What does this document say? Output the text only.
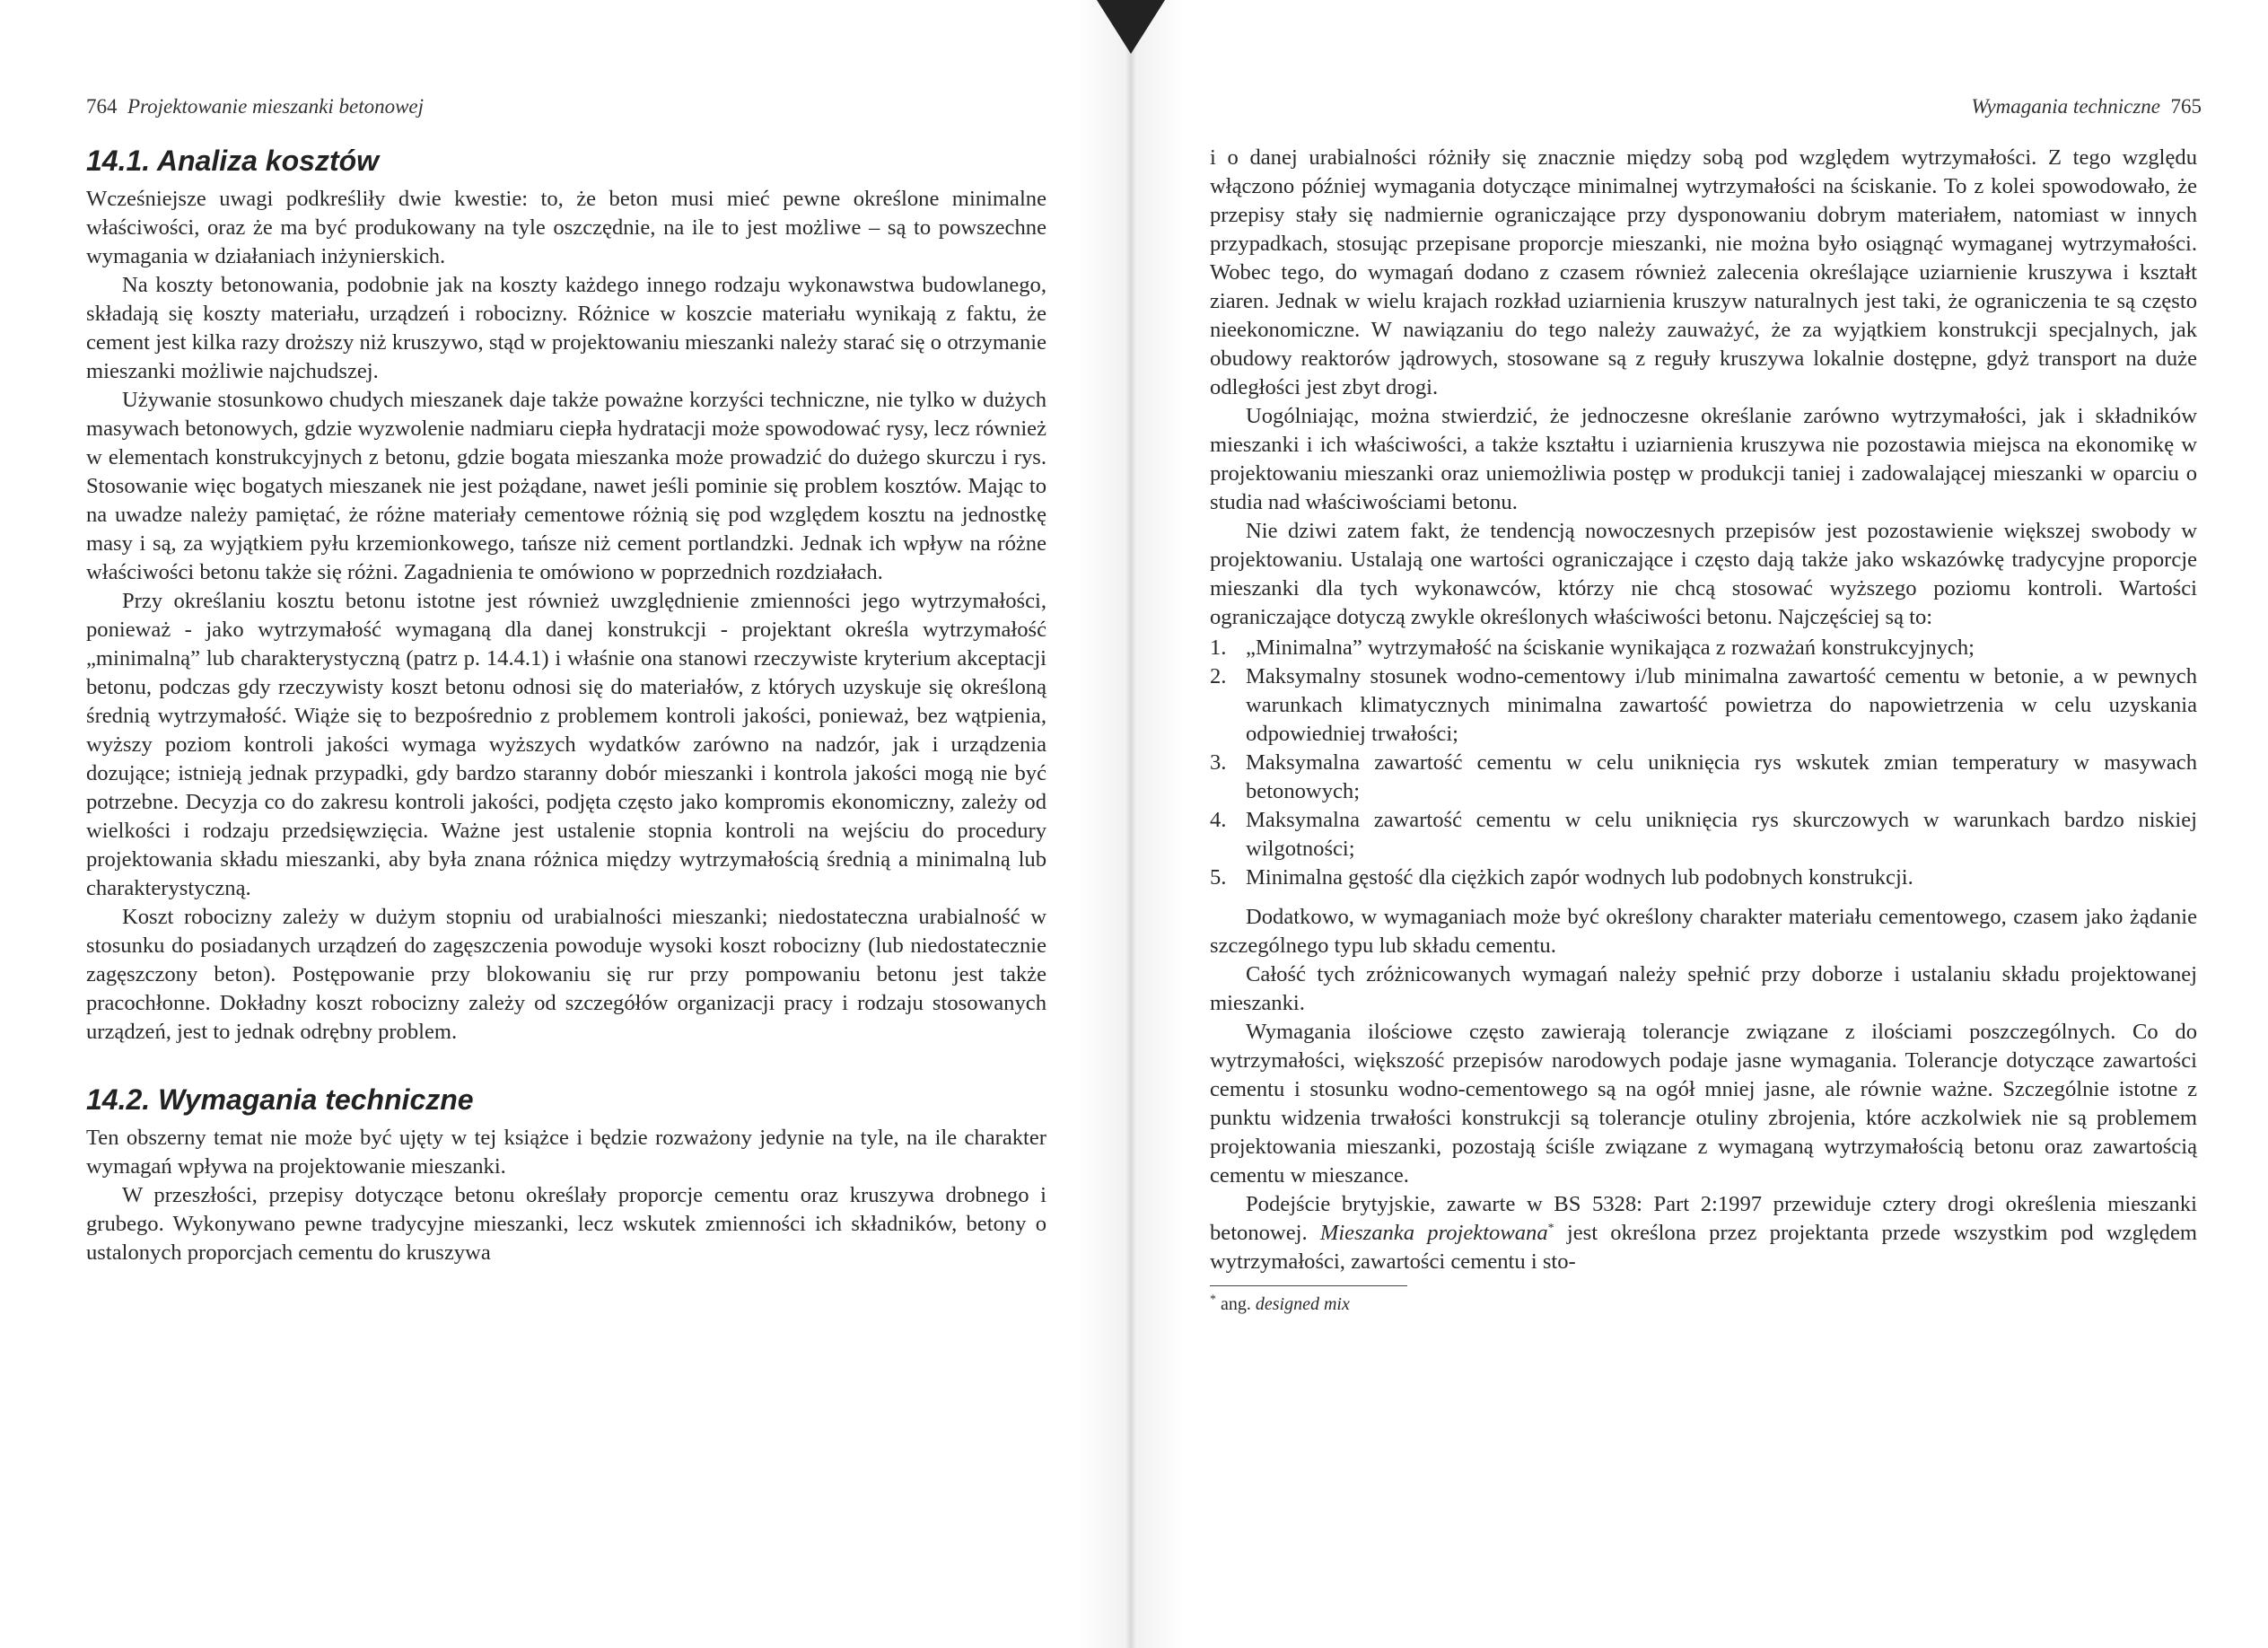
764 Projektowanie mieszanki betonowej
14.1. Analiza kosztów

Wcześniejsze uwagi podkreśliły dwie kwestie: to, że beton musi mieć pewne określone minimalne właściwości, oraz że ma być produkowany na tyle oszczędnie, na ile to jest możliwe – są to powszechne wymagania w działaniach inżynierskich.

Na koszty betonowania, podobnie jak na koszty każdego innego rodzaju wykonawstwa budowlanego, składają się koszty materiału, urządzeń i robocizny. Różnice w koszcie materiału wynikają z faktu, że cement jest kilka razy droższy niż kruszywo, stąd w projektowaniu mieszanki należy starać się o otrzymanie mieszanki możliwie najchudszej.

Używanie stosunkowo chudych mieszanek daje także poważne korzyści techniczne, nie tylko w dużych masywach betonowych, gdzie wyzwolenie nadmiaru ciepła hydratacji może spowodować rysy, lecz również w elementach konstrukcyjnych z betonu, gdzie bogata mieszanka może prowadzić do dużego skurczu i rys. Stosowanie więc bogatych mieszanek nie jest pożądane, nawet jeśli pominie się problem kosztów. Mając to na uwadze należy pamiętać, że różne materiały cementowe różnią się pod względem kosztu na jednostkę masy i są, za wyjątkiem pyłu krzemionkowego, tańsze niż cement portlandzki. Jednak ich wpływ na różne właściwości betonu także się różni. Zagadnienia te omówiono w poprzednich rozdziałach.

Przy określaniu kosztu betonu istotne jest również uwzględnienie zmienności jego wytrzymałości, ponieważ - jako wytrzymałość wymaganą dla danej konstrukcji - projektant określa wytrzymałość „minimalną” lub charakterystyczną (patrz p. 14.4.1) i właśnie ona stanowi rzeczywiste kryterium akceptacji betonu, podczas gdy rzeczywisty koszt betonu odnosi się do materiałów, z których uzyskuje się określoną średnią wytrzymałość. Wiąże się to bezpośrednio z problemem kontroli jakości, ponieważ, bez wątpienia, wyższy poziom kontroli jakości wymaga wyższych wydatków zarówno na nadzór, jak i urządzenia dozujące; istnieją jednak przypadki, gdy bardzo staranny dobór mieszanki i kontrola jakości mogą nie być potrzebne. Decyzja co do zakresu kontroli jakości, podjęta często jako kompromis ekonomiczny, zależy od wielkości i rodzaju przedsięwzięcia. Ważne jest ustalenie stopnia kontroli na wejściu do procedury projektowania składu mieszanki, aby była znana różnica między wytrzymałością średnią a minimalną lub charakterystyczną.

Koszt robocizny zależy w dużym stopniu od urabialności mieszanki; niedostateczna urabialność w stosunku do posiadanych urządzeń do zagęszczenia powoduje wysoki koszt robocizny (lub niedostatecznie zagęszczony beton). Postępowanie przy blokowaniu się rur przy pompowaniu betonu jest także pracochłonne. Dokładny koszt robocizny zależy od szczegółów organizacji pracy i rodzaju stosowanych urządzeń, jest to jednak odrębny problem.

14.2. Wymagania techniczne

Ten obszerny temat nie może być ujęty w tej książce i będzie rozważony jedynie na tyle, na ile charakter wymagań wpływa na projektowanie mieszanki.

W przeszłości, przepisy dotyczące betonu określały proporcje cementu oraz kruszywa drobnego i grubego. Wykonywano pewne tradycyjne mieszanki, lecz wskutek zmienności ich składników, betony o ustalonych proporcjach cementu do kruszywa

Wymagania techniczne 765

i o danej urabialności różniły się znacznie między sobą pod względem wytrzymałości. Z tego względu włączono później wymagania dotyczące minimalnej wytrzymałości na ściskanie. To z kolei spowodowało, że przepisy stały się nadmiernie ograniczające przy dysponowaniu dobrym materiałem, natomiast w innych przypadkach, stosując przepisane proporcje mieszanki, nie można było osiągnąć wymaganej wytrzymałości. Wobec tego, do wymagań dodano z czasem również zalecenia określające uziarnienie kruszywa i kształt ziaren. Jednak w wielu krajach rozkład uziarnienia kruszyw naturalnych jest taki, że ograniczenia te są często nieekonomiczne. W nawiązaniu do tego należy zauważyć, że za wyjątkiem konstrukcji specjalnych, jak obudowy reaktorów jądrowych, stosowane są z reguły kruszywa lokalnie dostępne, gdyż transport na duże odległości jest zbyt drogi.

Uogólniając, można stwierdzić, że jednoczesne określanie zarówno wytrzymałości, jak i składników mieszanki i ich właściwości, a także kształtu i uziarnienia kruszywa nie pozostawia miejsca na ekonomikę w projektowaniu mieszanki oraz uniemożliwia postęp w produkcji taniej i zadowalającej mieszanki w oparciu o studia nad właściwościami betonu.

Nie dziwi zatem fakt, że tendencją nowoczesnych przepisów jest pozostawienie większej swobody w projektowaniu. Ustalają one wartości ograniczające i często dają także jako wskazówkę tradycyjne proporcje mieszanki dla tych wykonawców, którzy nie chcą stosować wyższego poziomu kontroli. Wartości ograniczające dotyczą zwykle określonych właściwości betonu. Najczęściej są to:

1. „Minimalna” wytrzymałość na ściskanie wynikająca z rozważań konstrukcyjnych;
2. Maksymalny stosunek wodno-cementowy i/lub minimalna zawartość cementu w betonie, a w pewnych warunkach klimatycznych minimalna zawartość powietrza do napowietrzenia w celu uzyskania odpowiedniej trwałości;
3. Maksymalna zawartość cementu w celu uniknięcia rys wskutek zmian temperatury w masywach betonowych;
4. Maksymalna zawartość cementu w celu uniknięcia rys skurczowych w warunkach bardzo niskiej wilgotności;
5. Minimalna gęstość dla ciężkich zapór wodnych lub podobnych konstrukcji.

Dodatkowo, w wymaganiach może być określony charakter materiału cementowego, czasem jako żądanie szczególnego typu lub składu cementu.

Całość tych zróżnicowanych wymagań należy spełnić przy doborze i ustalaniu składu projektowanej mieszanki.

Wymagania ilościowe często zawierają tolerancje związane z ilościami poszczególnych. Co do wytrzymałości, większość przepisów narodowych podaje jasne wymagania. Tolerancje dotyczące zawartości cementu i stosunku wodno-cementowego są na ogół mniej jasne, ale równie ważne. Szczególnie istotne z punktu widzenia trwałości konstrukcji są tolerancje otuliny zbrojenia, które aczkolwiek nie są problemem projektowania mieszanki, pozostają ściśle związane z wymaganą wytrzymałością betonu oraz zawartością cementu w mieszance.

Podejście brytyjskie, zawarte w BS 5328: Part 2:1997 przewiduje cztery drogi określenia mieszanki betonowej. Mieszanka projektowana* jest określona przez projektanta przede wszystkim pod względem wytrzymałości, zawartości cementu i sto-

* ang. designed mix
